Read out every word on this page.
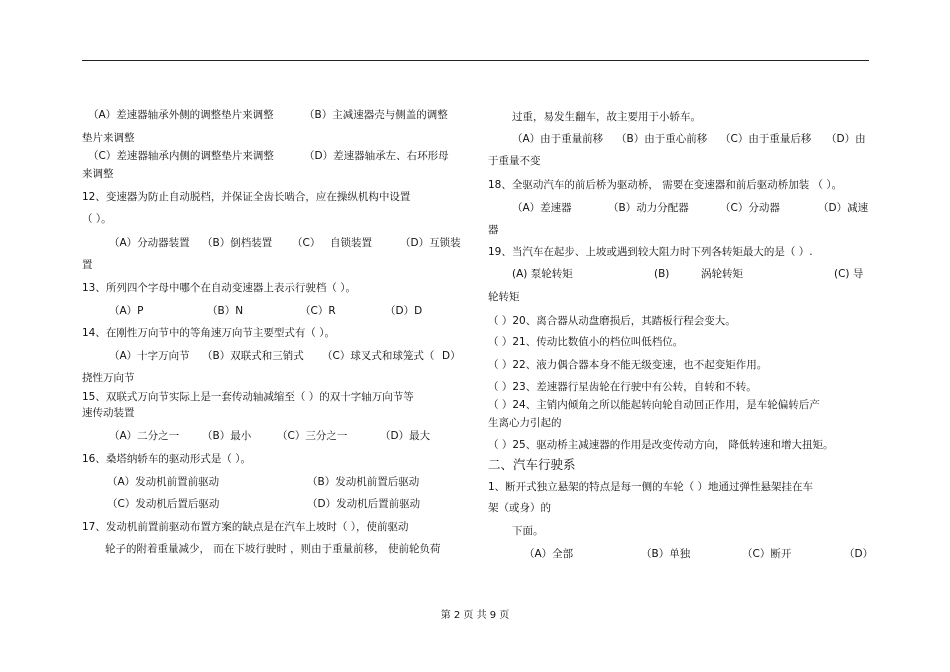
（A）差速器轴承外侧的调整垫片来调整	（B）主减速器壳与侧盖的调整
垫片来调整
（C）差速器轴承内侧的调整垫片来调整	（D）差速器轴承左、右环形母
来调整
12、变速器为防止自动脱档，并保证全齿长啮合，应在操纵机构中设置
（ ）。
（A）分动器装置 （B）倒档装置 （C） 自锁装置	（D）互锁装
置
13、所列四个字母中哪个在自动变速器上表示行驶档（ ）。
（A）P	（B）N	（C）R	（D）D
14、在刚性万向节中的等角速万向节主要型式有（ ）。
（A）十字万向节 （B）双联式和三销式 （C）球叉式和球笼式（ D）
挠性万向节
15、双联式万向节实际上是一套传动轴减缩至（ ）的双十字轴万向节等
速传动装置
（A）二分之一 （B）最小 （C）三分之一	（D）最大
16、桑塔纳轿车的驱动形式是（ ）。
（A）发动机前置前驱动	（B）发动机前置后驱动
（C）发动机后置后驱动	（D）发动机后置前驱动
17、发动机前置前驱动布置方案的缺点是在汽车上坡时（ ），使前驱动
轮子的附着重量减少， 而在下坡行驶时 ，则由于重量前移， 使前轮负荷
过重，易发生翻车，故主要用于小轿车。
（A）由于重量前移 （B）由于重心前移 （C）由于重量后移 （D）由
于重量不变
18、全驱动汽车的前后桥为驱动桥， 需要在变速器和前后驱动桥加装 （ ）。
（A）差速器	（B）动力分配器	（C）分动器	（D）减速
器
19、当汽车在起步、上坡或遇到较大阻力时下列各转矩最大的是（ ）.
(A) 泵轮转矩	(B)	涡轮转矩	(C) 导
轮转矩
（ ）20、离合器从动盘磨损后，其踏板行程会变大。
（ ）21、传动比数值小的档位叫低档位。
（ ）22、液力偶合器本身不能无级变速，也不起变矩作用。
（ ）23、差速器行星齿轮在行驶中有公转，自转和不转。
（ ）24、主销内倾角之所以能起转向轮自动回正作用，是车轮偏转后产
生离心力引起的
（ ）25、驱动桥主减速器的作用是改变传动方向， 降低转速和增大扭矩。
二、汽车行驶系
1、断开式独立悬架的特点是每一侧的车轮（ ）地通过弹性悬架挂在车
架（或身）的
下面。
（A）全部	（B）单独	（C）断开	（D）
第 2 页 共 9 页
